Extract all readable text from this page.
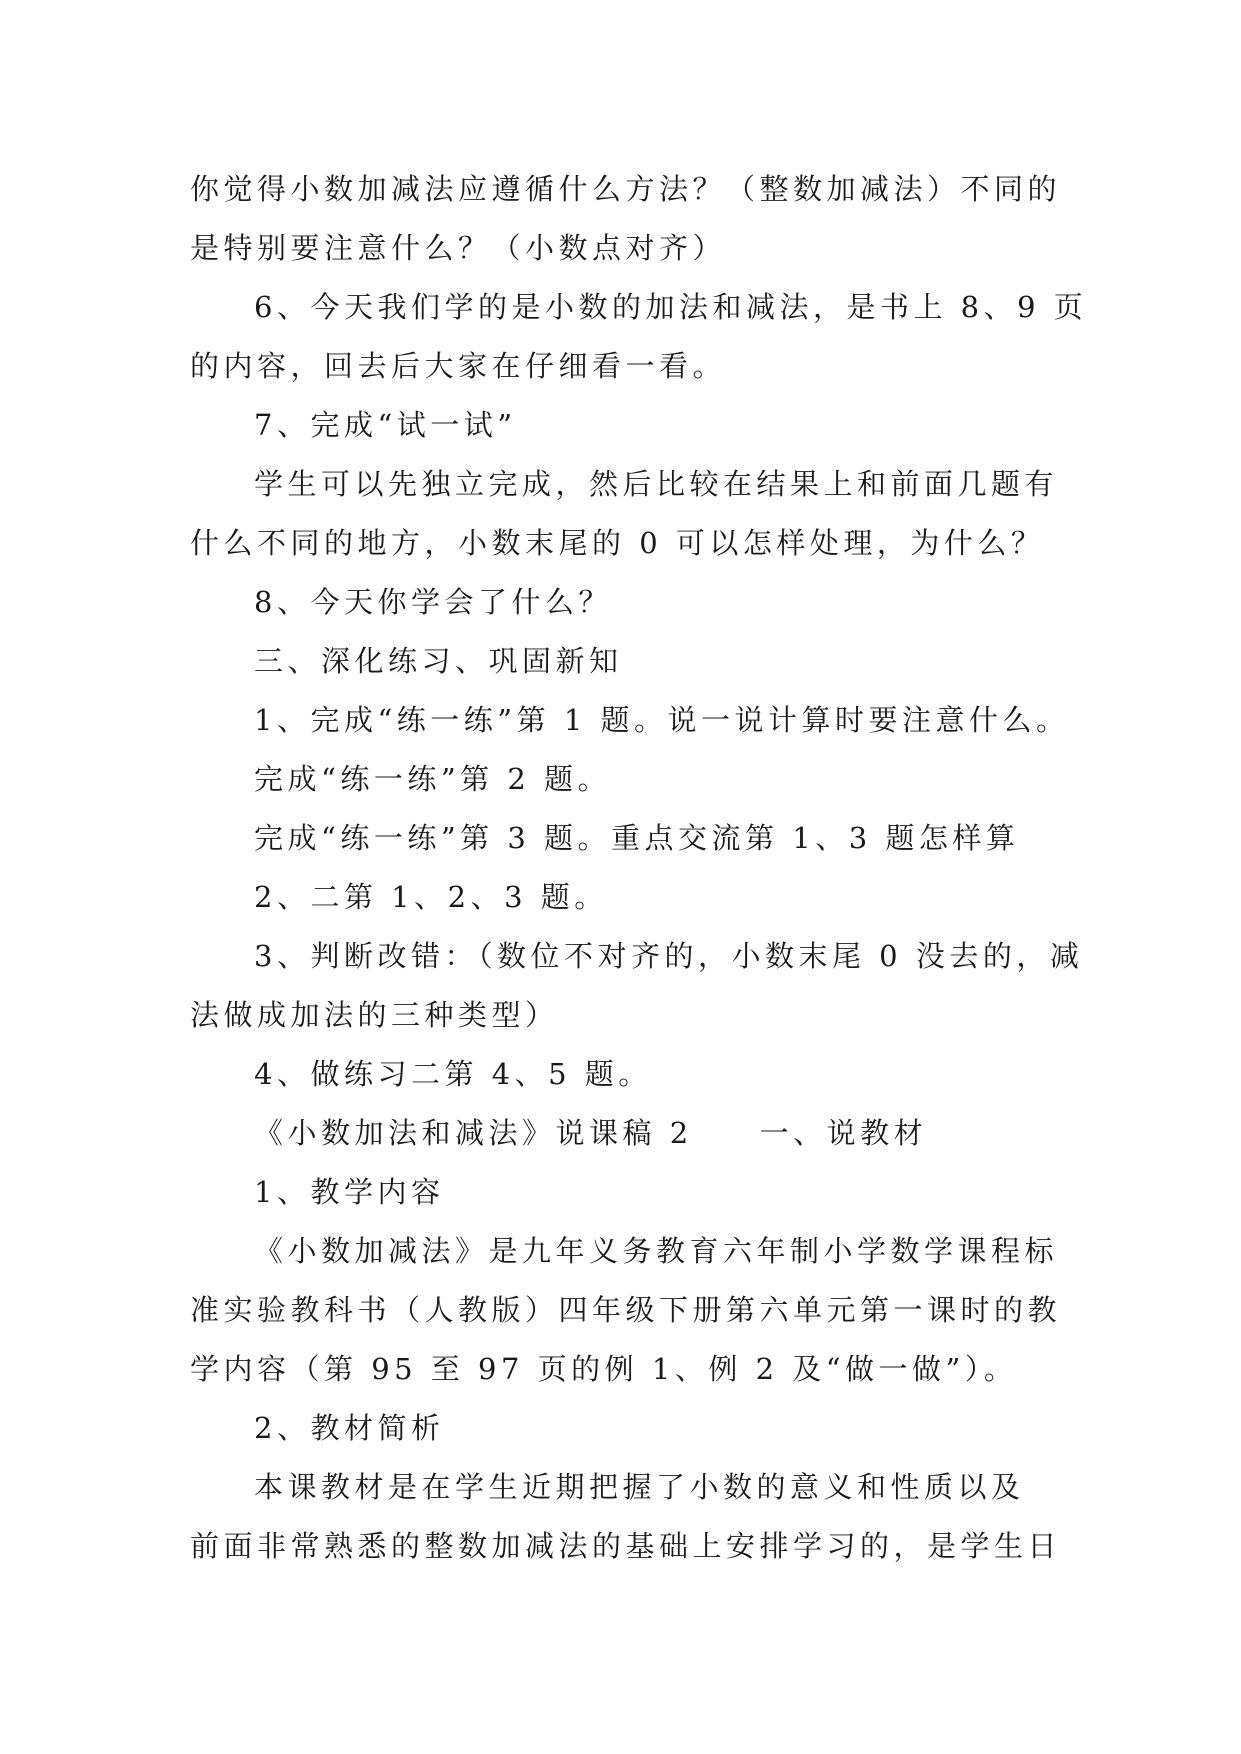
你觉得小数加减法应遵循什么方法？（整数加减法）不同的
是特别要注意什么？（小数点对齐）
6、今天我们学的是小数的加法和减法，是书上 8、9 页
的内容，回去后大家在仔细看一看。
7、完成“试一试”
学生可以先独立完成，然后比较在结果上和前面几题有
什么不同的地方，小数末尾的 0 可以怎样处理，为什么？
8、今天你学会了什么？
三、深化练习、巩固新知
1、完成“练一练”第 1 题。说一说计算时要注意什么。
完成“练一练”第 2 题。
完成“练一练”第 3 题。重点交流第 1、3 题怎样算
2、二第 1、2、3 题。
3、判断改错：（数位不对齐的，小数末尾 0 没去的，减
法做成加法的三种类型）
4、做练习二第 4、5 题。
《小数加法和减法》说课稿 2　　一、说教材
1、教学内容
《小数加减法》是九年义务教育六年制小学数学课程标
准实验教科书（人教版）四年级下册第六单元第一课时的教
学内容（第 95 至 97 页的例 1、例 2 及“做一做”）。
2、教材简析
本课教材是在学生近期把握了小数的意义和性质以及
前面非常熟悉的整数加减法的基础上安排学习的，是学生日
